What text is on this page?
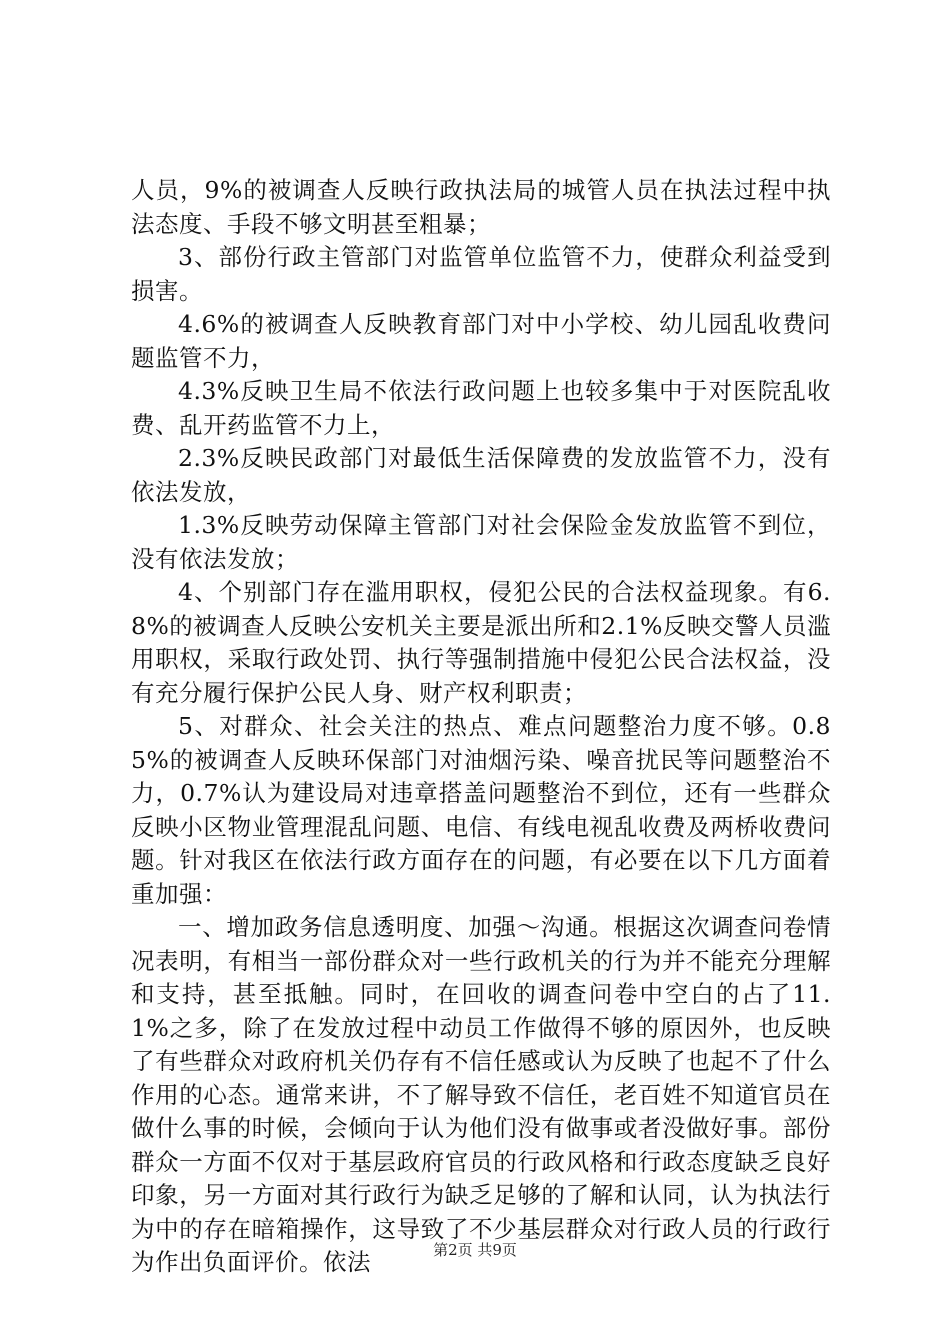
人员，9%的被调查人反映行政执法局的城管人员在执法过程中执法态度、手段不够文明甚至粗暴；

3、部份行政主管部门对监管单位监管不力，使群众利益受到损害。

4.6%的被调查人反映教育部门对中小学校、幼儿园乱收费问题监管不力，

4.3%反映卫生局不依法行政问题上也较多集中于对医院乱收费、乱开药监管不力上，

2.3%反映民政部门对最低生活保障费的发放监管不力，没有依法发放，

1.3%反映劳动保障主管部门对社会保险金发放监管不到位，没有依法发放；

4、个别部门存在滥用职权，侵犯公民的合法权益现象。有6.8%的被调查人反映公安机关主要是派出所和2.1%反映交警人员滥用职权，采取行政处罚、执行等强制措施中侵犯公民合法权益，没有充分履行保护公民人身、财产权利职责；

5、对群众、社会关注的热点、难点问题整治力度不够。0.85%的被调查人反映环保部门对油烟污染、噪音扰民等问题整治不力，0.7%认为建设局对违章搭盖问题整治不到位，还有一些群众反映小区物业管理混乱问题、电信、有线电视乱收费及两桥收费问题。针对我区在依法行政方面存在的问题，有必要在以下几方面着重加强：

一、增加政务信息透明度、加强～沟通。根据这次调查问卷情况表明，有相当一部份群众对一些行政机关的行为并不能充分理解和支持，甚至抵触。同时，在回收的调查问卷中空白的占了11.1%之多，除了在发放过程中动员工作做得不够的原因外，也反映了有些群众对政府机关仍存有不信任感或认为反映了也起不了什么作用的心态。通常来讲，不了解导致不信任，老百姓不知道官员在做什么事的时候，会倾向于认为他们没有做事或者没做好事。部份群众一方面不仅对于基层政府官员的行政风格和行政态度缺乏良好印象，另一方面对其行政行为缺乏足够的了解和认同，认为执法行为中的存在暗箱操作，这导致了不少基层群众对行政人员的行政行为作出负面评价。依法	第2页 共9页
